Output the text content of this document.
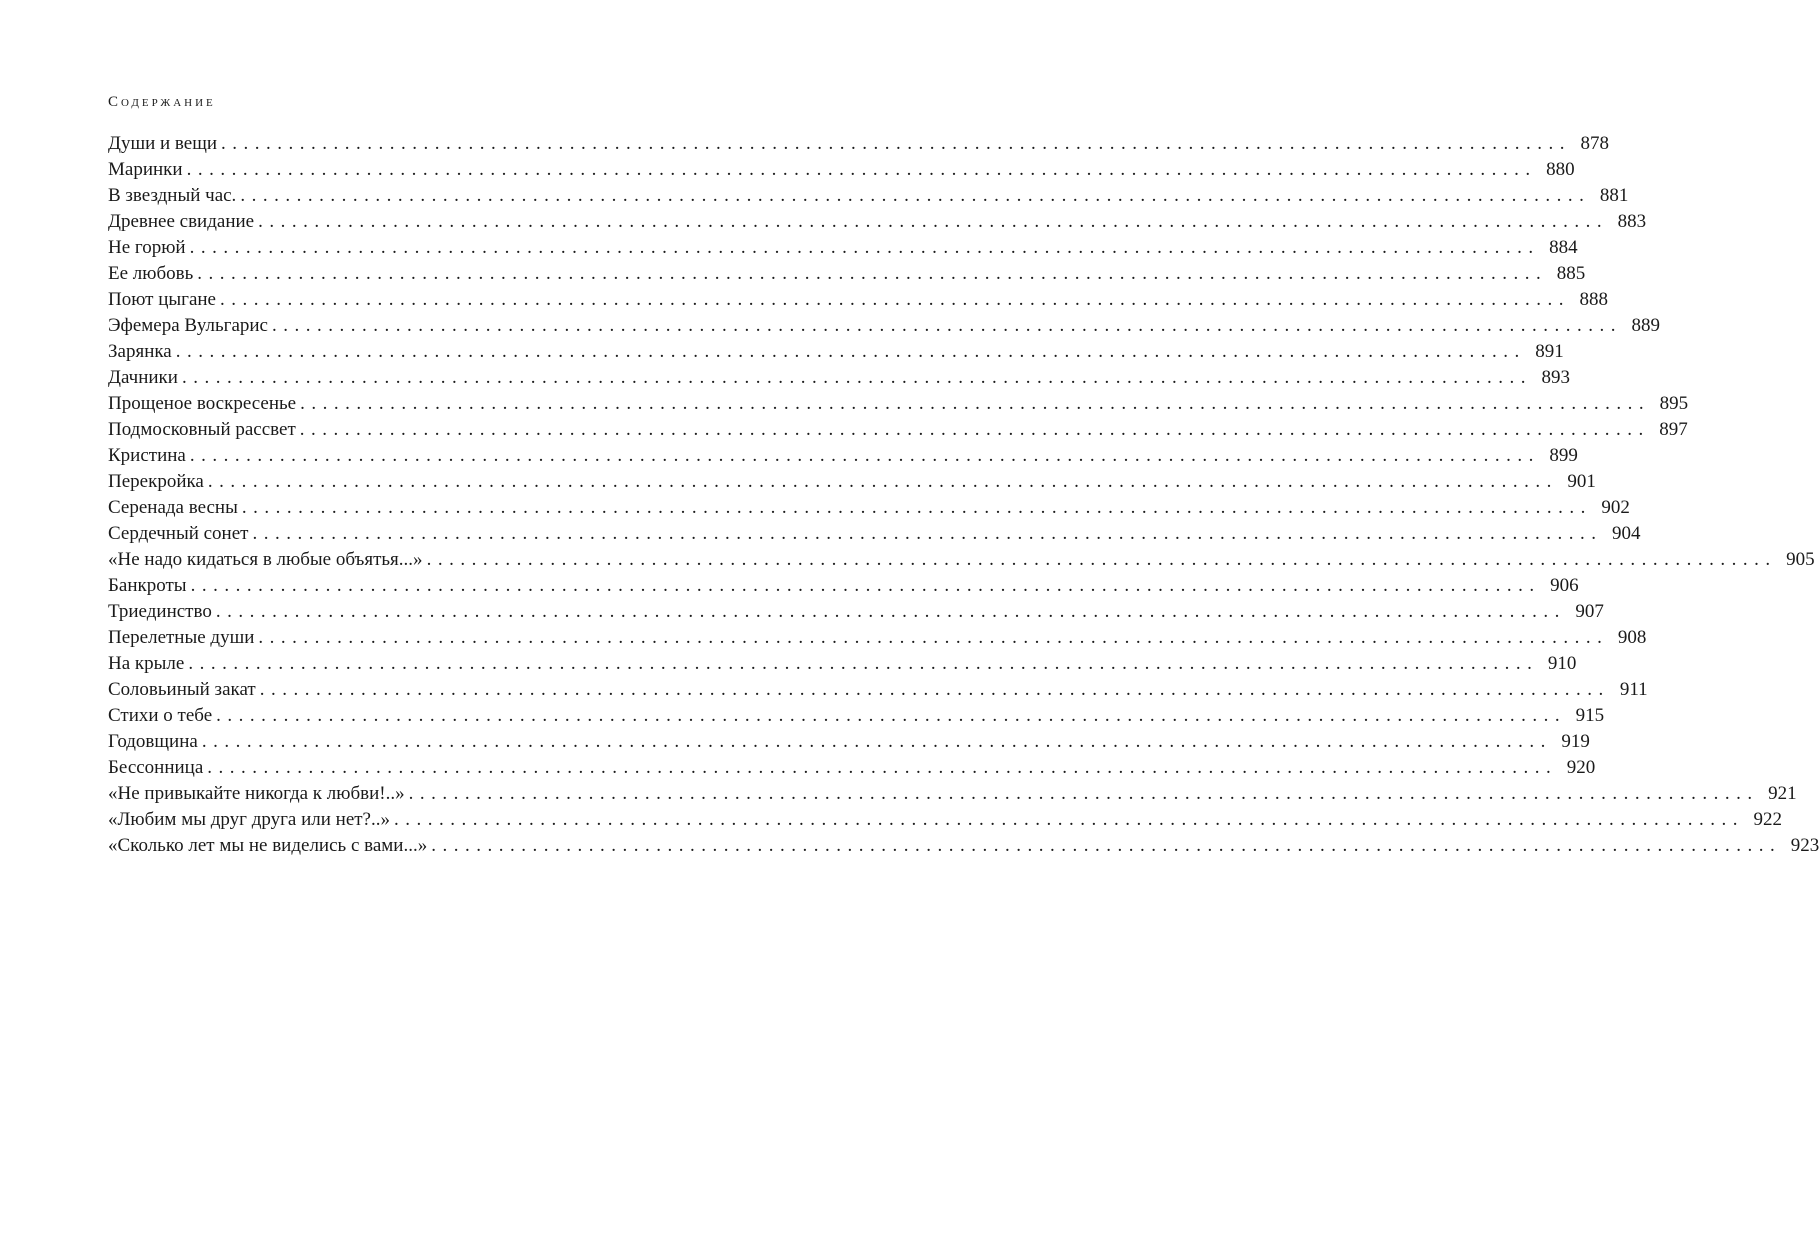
Содержание
Души и вещи ........................................................................................................................ 878
Маринки ........................................................................................................................ 880
В звездный час. ........................................................................................................................ 881
Древнее свидание ........................................................................................................................ 883
Не горюй ........................................................................................................................ 884
Ее любовь ........................................................................................................................ 885
Поют цыгане ........................................................................................................................ 888
Эфемера Вульгарис ........................................................................................................................ 889
Зарянка ........................................................................................................................ 891
Дачники ........................................................................................................................ 893
Прощеное воскресенье ........................................................................................................................ 895
Подмосковный рассвет ........................................................................................................................ 897
Кристина ........................................................................................................................ 899
Перекройка ........................................................................................................................ 901
Серенада весны ........................................................................................................................ 902
Сердечный сонет ........................................................................................................................ 904
«Не надо кидаться в любые объятья...» ........................................................................................................................ 905
Банкроты ........................................................................................................................ 906
Триединство ........................................................................................................................ 907
Перелетные души ........................................................................................................................ 908
На крыле ........................................................................................................................ 910
Соловьиный закат ........................................................................................................................ 911
Стихи о тебе ........................................................................................................................ 915
Годовщина ........................................................................................................................ 919
Бессонница ........................................................................................................................ 920
«Не привыкайте никогда к любви!..» ........................................................................................................................ 921
«Любим мы друг друга или нет?..» ........................................................................................................................ 922
«Сколько лет мы не виделись с вами...» ........................................................................................................................ 923
